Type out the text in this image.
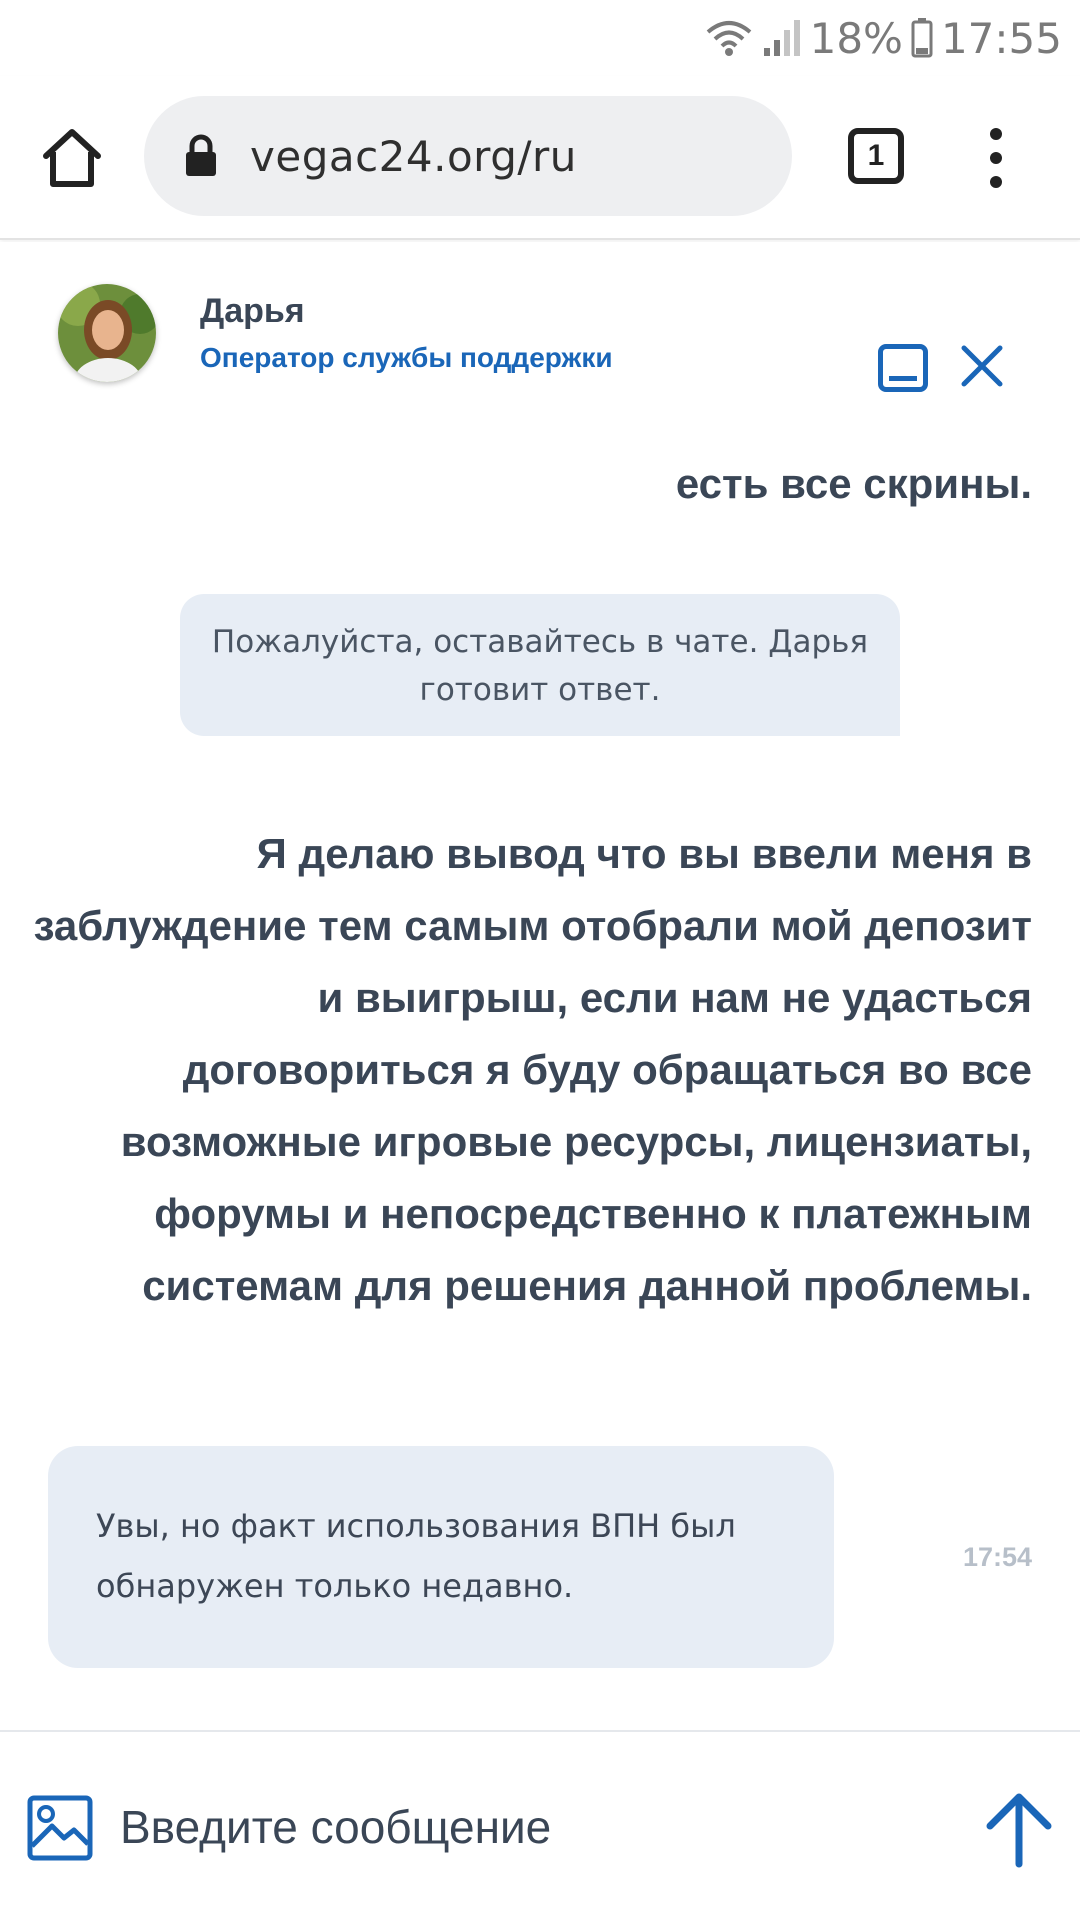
18% 17:55
vegac24.org/ru	1
Дарья
Оператор службы поддержки
есть все скрины.
Пожалуйста, оставайтесь в чате. Дарья готовит ответ.
Я делаю вывод что вы ввели меня в заблуждение тем самым отобрали мой депозит и выигрыш, если нам не удасться договориться я буду обращаться во все возможные игровые ресурсы, лицензиаты, форумы и непосредственно к платежным системам для решения данной проблемы.
Увы, но факт использования ВПН был обнаружен только недавно.
17:54
Введите сообщение
